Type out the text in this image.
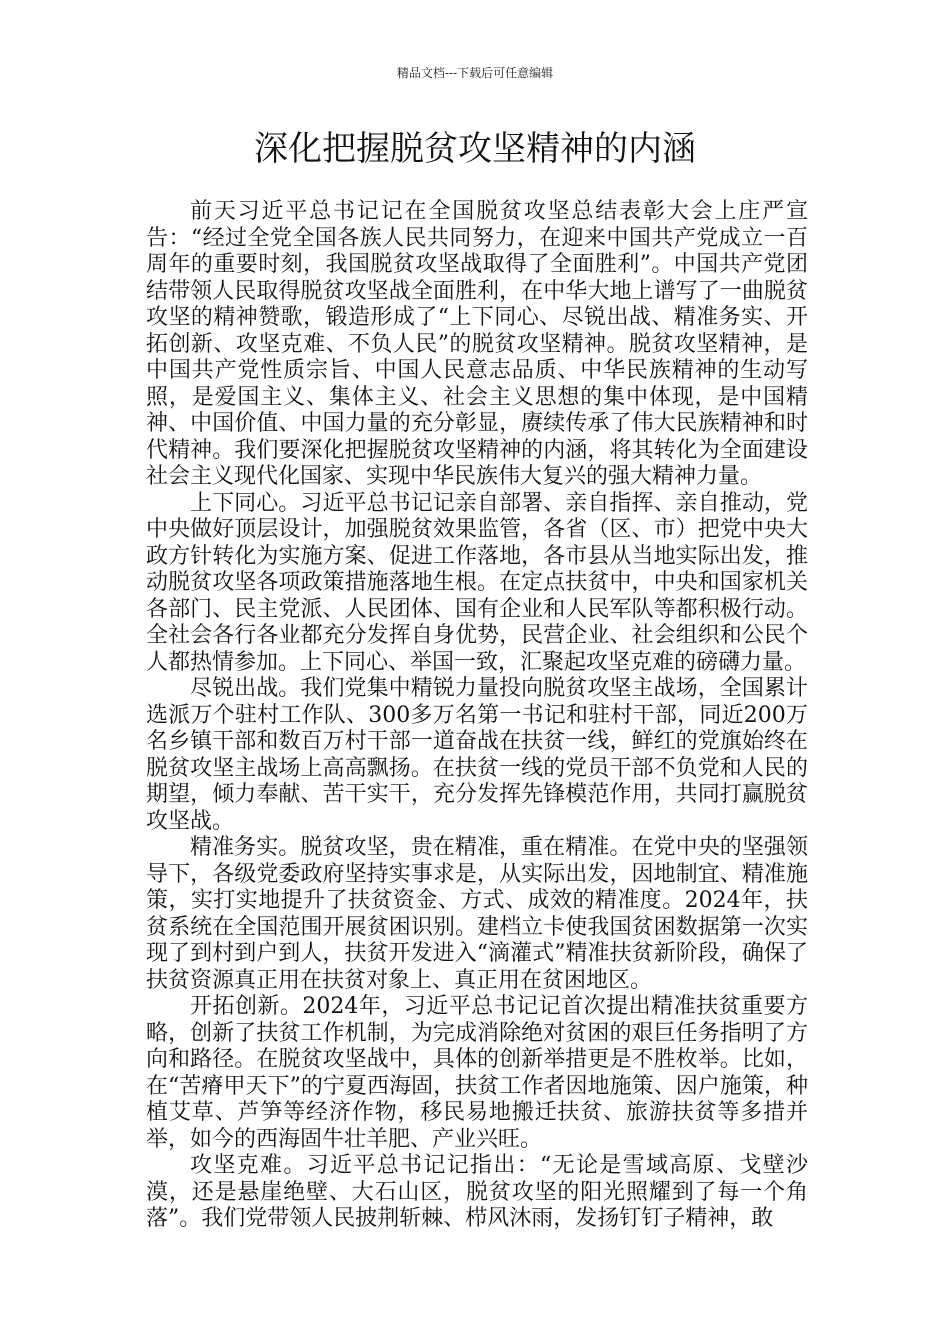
精品文档---下载后可任意编辑
深化把握脱贫攻坚精神的内涵

前天习近平总书记记在全国脱贫攻坚总结表彰大会上庄严宣告：“经过全党全国各族人民共同努力，在迎来中国共产党成立一百周年的重要时刻，我国脱贫攻坚战取得了全面胜利”。中国共产党团结带领人民取得脱贫攻坚战全面胜利，在中华大地上谱写了一曲脱贫攻坚的精神赞歌，锻造形成了“上下同心、尽锐出战、精准务实、开拓创新、攻坚克难、不负人民”的脱贫攻坚精神。脱贫攻坚精神，是中国共产党性质宗旨、中国人民意志品质、中华民族精神的生动写照，是爱国主义、集体主义、社会主义思想的集中体现，是中国精神、中国价值、中国力量的充分彰显，赓续传承了伟大民族精神和时代精神。我们要深化把握脱贫攻坚精神的内涵，将其转化为全面建设社会主义现代化国家、实现中华民族伟大复兴的强大精神力量。

上下同心。习近平总书记记亲自部署、亲自指挥、亲自推动，党中央做好顶层设计，加强脱贫效果监管，各省（区、市）把党中央大政方针转化为实施方案、促进工作落地，各市县从当地实际出发，推动脱贫攻坚各项政策措施落地生根。在定点扶贫中，中央和国家机关各部门、民主党派、人民团体、国有企业和人民军队等都积极行动。全社会各行各业都充分发挥自身优势，民营企业、社会组织和公民个人都热情参加。上下同心、举国一致，汇聚起攻坚克难的磅礴力量。

尽锐出战。我们党集中精锐力量投向脱贫攻坚主战场，全国累计选派万个驻村工作队、300多万名第一书记和驻村干部，同近200万名乡镇干部和数百万村干部一道奋战在扶贫一线，鲜红的党旗始终在脱贫攻坚主战场上高高飘扬。在扶贫一线的党员干部不负党和人民的期望，倾力奉献、苦干实干，充分发挥先锋模范作用，共同打赢脱贫攻坚战。

精准务实。脱贫攻坚，贵在精准，重在精准。在党中央的坚强领导下，各级党委政府坚持实事求是，从实际出发，因地制宜、精准施策，实打实地提升了扶贫资金、方式、成效的精准度。2024年，扶贫系统在全国范围开展贫困识别。建档立卡使我国贫困数据第一次实现了到村到户到人，扶贫开发进入“滴灌式”精准扶贫新阶段，确保了扶贫资源真正用在扶贫对象上、真正用在贫困地区。

开拓创新。2024年，习近平总书记记首次提出精准扶贫重要方略，创新了扶贫工作机制，为完成消除绝对贫困的艰巨任务指明了方向和路径。在脱贫攻坚战中，具体的创新举措更是不胜枚举。比如，在“苦瘠甲天下”的宁夏西海固，扶贫工作者因地施策、因户施策，种植艾草、芦笋等经济作物，移民易地搬迁扶贫、旅游扶贫等多措并举，如今的西海固牛壮羊肥、产业兴旺。

攻坚克难。习近平总书记记指出：“无论是雪域高原、戈壁沙漠，还是悬崖绝壁、大石山区，脱贫攻坚的阳光照耀到了每一个角落”。我们党带领人民披荆斩棘、栉风沐雨，发扬钉钉子精神，敢
